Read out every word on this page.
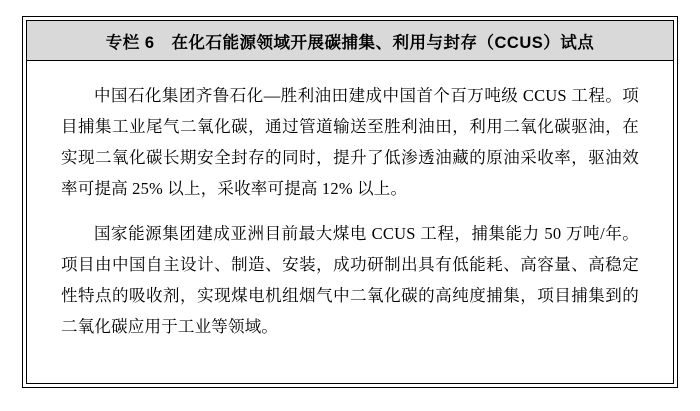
专栏 6　在化石能源领域开展碳捕集、利用与封存（CCUS）试点

中国石化集团齐鲁石化—胜利油田建成中国首个百万吨级 CCUS 工程。项目捕集工业尾气二氧化碳，通过管道输送至胜利油田，利用二氧化碳驱油，在实现二氧化碳长期安全封存的同时，提升了低渗透油藏的原油采收率，驱油效率可提高 25% 以上，采收率可提高 12% 以上。

国家能源集团建成亚洲目前最大煤电 CCUS 工程，捕集能力 50 万吨/年。项目由中国自主设计、制造、安装，成功研制出具有低能耗、高容量、高稳定性特点的吸收剂，实现煤电机组烟气中二氧化碳的高纯度捕集，项目捕集到的二氧化碳应用于工业等领域。
